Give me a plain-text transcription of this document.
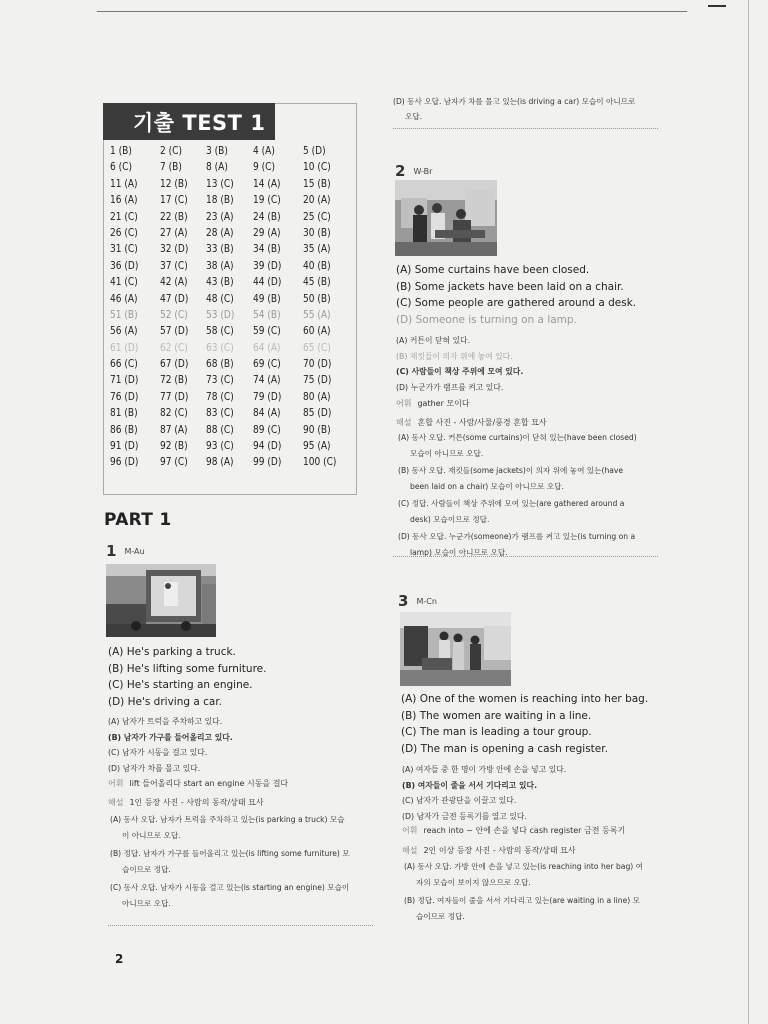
기출 TEST 1
1 (B)	2 (C) 3 (B) 4 (A)	5 (D)
6 (C)	7 (B) 8 (A) 9 (C)	10 (C)
11 (A) 12 (B) 13 (C) 14 (A) 15 (B)
16 (A) 17 (C) 18 (B) 19 (C) 20 (A)
21 (C) 22 (B) 23 (A) 24 (B) 25 (C)
26 (C) 27 (A) 28 (A) 29 (A) 30 (B)
31 (C) 32 (D) 33 (B) 34 (B) 35 (A)
36 (D) 37 (C) 38 (A) 39 (D) 40 (B)
41 (C) 42 (A) 43 (B) 44 (D) 45 (B)
46 (A) 47 (D) 48 (C) 49 (B) 50 (B)
51 (B) 52 (C) 53 (D) 54 (B) 55 (A)
56 (A) 57 (D) 58 (C) 59 (C) 60 (A)
61 (D) 62 (C) 63 (C) 64 (A) 65 (C)
66 (C) 67 (D) 68 (B) 69 (C) 70 (D)
71 (D) 72 (B) 73 (C) 74 (A) 75 (D)
76 (D) 77 (D) 78 (C) 79 (D) 80 (A)
81 (B) 82 (C) 83 (C) 84 (A) 85 (D)
86 (B) 87 (A) 88 (C) 89 (C) 90 (B)
91 (D) 92 (B) 93 (C) 94 (D) 95 (A)
96 (D) 97 (C) 98 (A) 99 (D) 100 (C)
PART 1
1 M-Au
(A) He's parking a truck.
(B) He's lifting some furniture.
(C) He's starting an engine.
(D) He's driving a car.
(A) 남자가 트럭을 주차하고 있다.
(B) 남자가 가구를 들어올리고 있다.
(C) 남자가 시동을 걸고 있다.
(D) 남자가 차를 몰고 있다.
어휘 lift 들어올리다 start an engine 시동을 걸다
해설 1인 등장 사진 - 사람의 동작/상태 묘사
(A) 동사 오답. 남자가 트럭을 주차하고 있는(is parking a truck) 모습
이 아니므로 오답.
(B) 정답. 남자가 가구를 들어올리고 있는(is lifting some furniture) 모
습이므로 정답.
(C) 동사 오답. 남자가 시동을 걸고 있는(is starting an engine) 모습이
아니므로 오답.
(D) 동사 오답. 남자가 차를 몰고 있는(is driving a car) 모습이 아니므로
오답.
2 W-Br
(A) Some curtains have been closed.
(B) Some jackets have been laid on a chair.
(C) Some people are gathered around a desk.
(D) Someone is turning on a lamp.
(A) 커튼이 닫혀 있다.
(B) 재킷들이 의자 위에 놓여 있다.
(C) 사람들이 책상 주위에 모여 있다.
(D) 누군가가 램프를 켜고 있다.
어휘 gather 모이다
해설 혼합 사진 - 사람/사물/풍경 혼합 묘사
(A) 동사 오답. 커튼(some curtains)이 닫혀 있는(have been closed)
모습이 아니므로 오답.
(B) 동사 오답. 재킷들(some jackets)이 의자 위에 놓여 있는(have
been laid on a chair) 모습이 아니므로 오답.
(C) 정답. 사람들이 책상 주위에 모여 있는(are gathered around a
desk) 모습이므로 정답.
(D) 동사 오답. 누군가(someone)가 램프를 켜고 있는(is turning on a
lamp) 모습이 아니므로 오답.
3 M-Cn
(A) One of the women is reaching into her bag.
(B) The women are waiting in a line.
(C) The man is leading a tour group.
(D) The man is opening a cash register.
(A) 여자들 중 한 명이 가방 안에 손을 넣고 있다.
(B) 여자들이 줄을 서서 기다리고 있다.
(C) 남자가 관광단을 이끌고 있다.
(D) 남자가 금전 등록기를 열고 있다.
어휘 reach into ~ 안에 손을 넣다 cash register 금전 등록기
해설 2인 이상 등장 사진 - 사람의 동작/상태 묘사
(A) 동사 오답. 가방 안에 손을 넣고 있는(is reaching into her bag) 여
자의 모습이 보이지 않으므로 오답.
(B) 정답. 여자들이 줄을 서서 기다리고 있는(are waiting in a line) 모
습이므로 정답.
2
